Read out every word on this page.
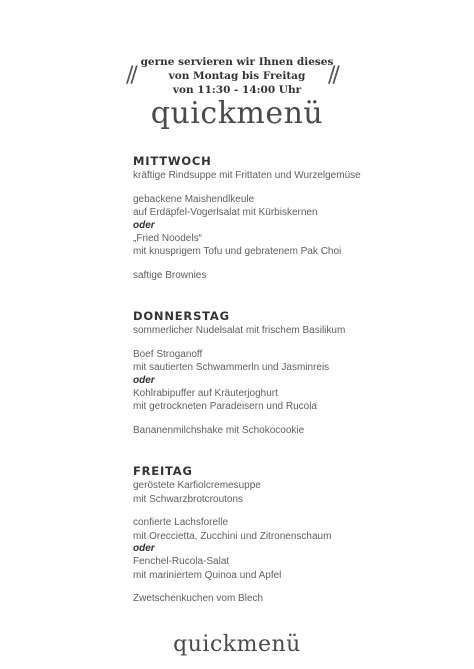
//	//
gerne servieren wir Ihnen dieses
von Montag bis Freitag
von 11:30 - 14:00 Uhr
quickmenü
MITTWOCH
kräftige Rindsuppe mit Frittaten und Wurzelgemüse
gebackene Maishendlkeule
auf Erdäpfel-Vogerlsalat mit Kürbiskernen
oder
„Fried Noodels“
mit knusprigem Tofu und gebratenem Pak Choi
saftige Brownies
DONNERSTAG
sommerlicher Nudelsalat mit frischem Basilikum
Boef Stroganoff
mit sautierten Schwammerln und Jasminreis
oder
Kohlrabipuffer auf Kräuterjoghurt
mit getrockneten Paradeisern und Rucola
Bananenmilchshake mit Schokocookie
FREITAG
geröstete Karfiolcremesuppe
mit Schwarzbrotcroutons
confierte Lachsforelle
mit Oreccietta, Zucchini und Zitronenschaum
oder
Fenchel-Rucola-Salat
mit mariniertem Quinoa und Apfel
Zwetschenkuchen vom Blech
quickmenü
